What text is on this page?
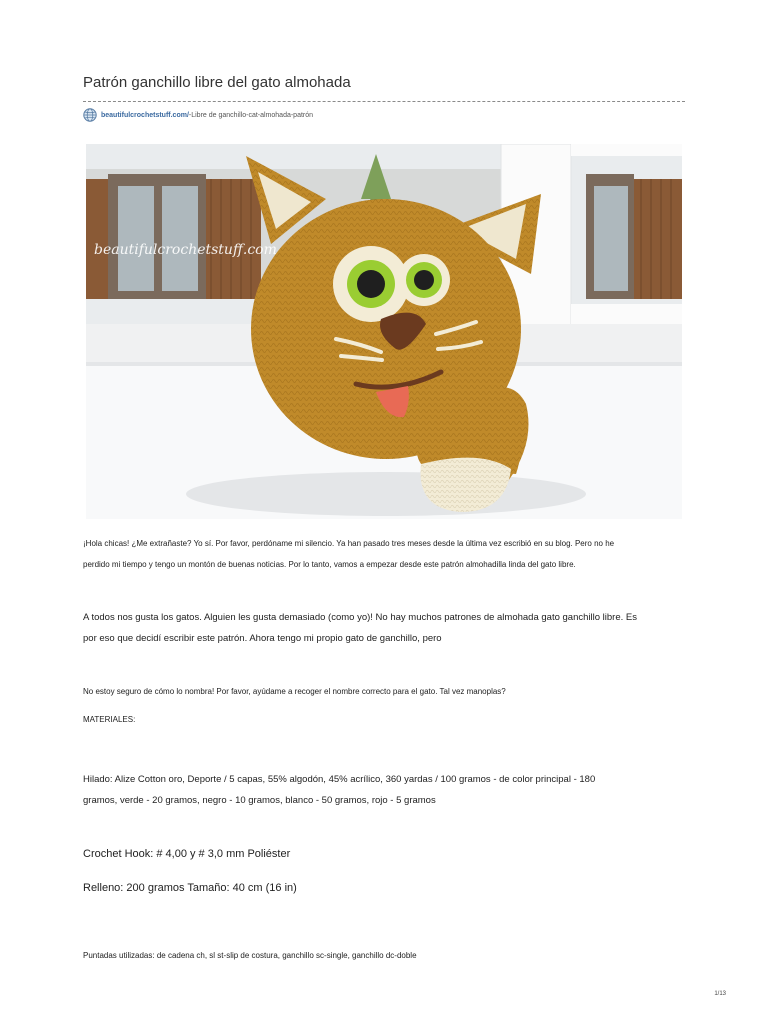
Patrón ganchillo libre del gato almohada
beautifulcrochetstuff.com/ -Libre de ganchillo-cat-almohada-patrón
beautifulcrochetstuff.com

¡Hola chicas! ¿Me extrañaste? Yo sí. Por favor, perdóname mi silencio. Ya han pasado tres meses desde la última vez escribió en su blog. Pero no he

perdido mi tiempo y tengo un montón de buenas noticias. Por lo tanto, vamos a empezar desde este patrón almohadilla linda del gato libre.

A todos nos gusta los gatos. Alguien les gusta demasiado (como yo)! No hay muchos patrones de almohada gato ganchillo libre. Es

por eso que decidí escribir este patrón. Ahora tengo mi propio gato de ganchillo, pero

No estoy seguro de cómo lo nombra! Por favor, ayúdame a recoger el nombre correcto para el gato. Tal vez manoplas?

MATERIALES:

Hilado: Alize Cotton oro, Deporte / 5 capas, 55% algodón, 45% acrílico, 360 yardas / 100 gramos - de color principal - 180

gramos, verde - 20 gramos, negro - 10 gramos, blanco - 50 gramos, rojo - 5 gramos

Crochet Hook: # 4,00 y # 3,0 mm Poliéster

Relleno: 200 gramos Tamaño: 40 cm (16 in)

Puntadas utilizadas: de cadena ch, sl st-slip de costura, ganchillo sc-single, ganchillo dc-doble

1/13
